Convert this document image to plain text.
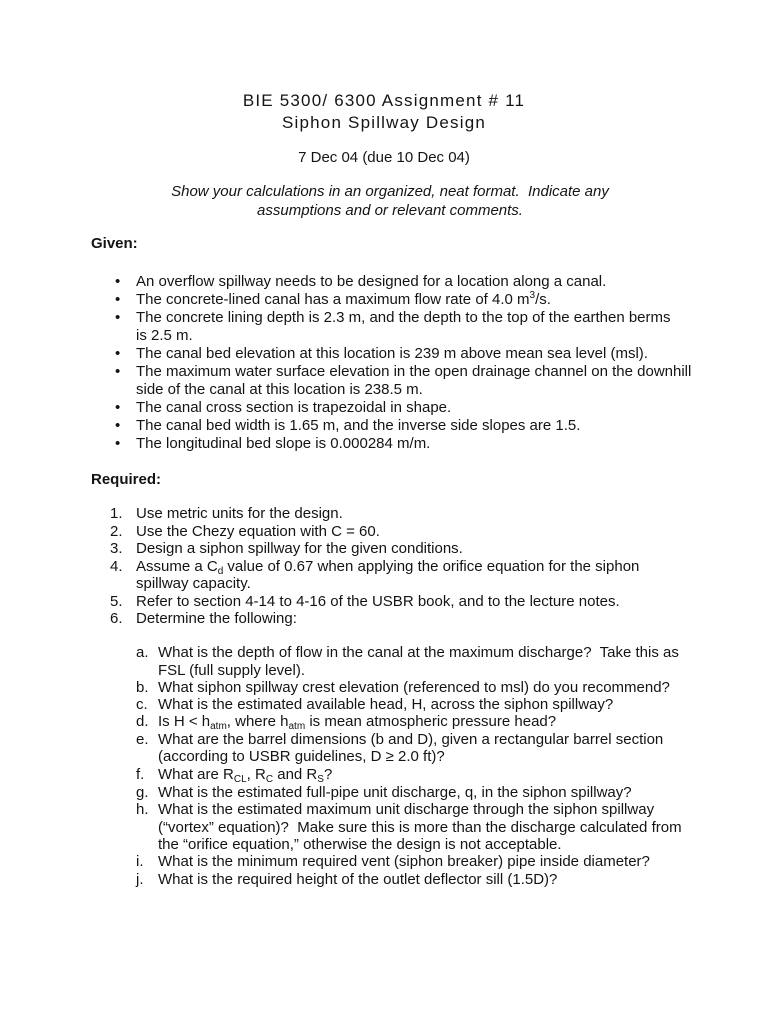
BIE 5300/ 6300 Assignment # 11
Siphon Spillway Design
7 Dec 04 (due 10 Dec 04)
Show your calculations in an organized, neat format.  Indicate any
assumptions and or relevant comments.
Given:
• An overflow spillway needs to be designed for a location along a canal.
• The concrete-lined canal has a maximum flow rate of 4.0 $m^3/s$.
• The concrete lining depth is 2.3 m, and the depth to the top of the earthen berms
is 2.5 m.
• The canal bed elevation at this location is 239 m above mean sea level (msl).
• The maximum water surface elevation in the open drainage channel on the downhill
side of the canal at this location is 238.5 m.
• The canal cross section is trapezoidal in shape.
• The canal bed width is 1.65 m, and the inverse side slopes are 1.5.
• The longitudinal bed slope is 0.000284 m/m.
Required:
1. Use metric units for the design.
2. Use the Chezy equation with C = 60.
3. Design a siphon spillway for the given conditions.
4. Assume a $C_d$ value of 0.67 when applying the orifice equation for the siphon
spillway capacity.
5. Refer to section 4-14 to 4-16 of the USBR book, and to the lecture notes.
6. Determine the following:
a. What is the depth of flow in the canal at the maximum discharge?  Take this as
FSL (full supply level).
b. What siphon spillway crest elevation (referenced to msl) do you recommend?
c. What is the estimated available head, H, across the siphon spillway?
d. Is $H < h_{atm}$, where $h_{atm}$ is mean atmospheric pressure head?
e. What are the barrel dimensions (b and D), given a rectangular barrel section
(according to USBR guidelines, D ≥ 2.0 ft)?
f. What are $R_{CL}$, $R_C$ and $R_S$?
g. What is the estimated full-pipe unit discharge, q, in the siphon spillway?
h. What is the estimated maximum unit discharge through the siphon spillway
(“vortex” equation)?  Make sure this is more than the discharge calculated from
the “orifice equation,” otherwise the design is not acceptable.
i. What is the minimum required vent (siphon breaker) pipe inside diameter?
j. What is the required height of the outlet deflector sill (1.5D)?
